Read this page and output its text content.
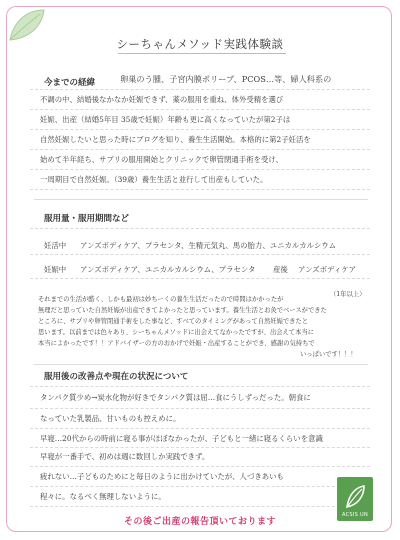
シーちゃんメソッド実践体験談
今までの経緯	卵巣のう腫、子宮内膜ポリープ、PCOS…等、婦人科系の
不調の中、結婚後なかなか妊娠できず、薬の服用を重ね、体外受精を選び
妊娠、出産（結婚5年目 35歳で妊娠）年齢も更に高くなっていたが第2子は
自然妊娠したいと思った時にブログを知り、養生生活開始。本格的に第2子妊活を
始めて半年経ち、サプリの服用開始とクリニックで卵管閉通手術を受け、
一周期目で自然妊娠。（39歳）養生生活と並行して出産もしていた。
服用量・服用期間など
妊活中 アンズボディケア、プラセンタ、生精元気丸、馬の胎力、ユニカルカルシウム
妊娠中 アンズボディケア、ユニカルカルシウム、プラセンタ 産後 アンズボディケア
それまでの生活が酷く、しかも最初は妙ちーくの養生生活だったので時間はかかったが
（1年以上）
無理だと思っていた自然妊娠が出産できてよかったと思っています。養生生活とお灸でベースができた
ところに、サプリや卵管閉通手術をした事など、すべてのタイミングがあって自然妊娠できたと
思います。以前までは色々あり、シーちゃんメソッドに出会えてなかったですが、出会えて本当に
本当によかったです！！アドバイザーの方のおかげで妊娠・出産することができ、感謝の気持ちで
いっぱいです！！！
服用後の改善点や現在の状況について
タンパク質少め→炭水化物が好きでタンパク質は屈…食にうしずっだった。朝食に
なっていた乳製品、甘いものも控えめに。
早寝…20代からの時前に寝る事がほぼなかったが、子どもと一緒に寝るくらいを意識
早寝が一番手で、初めは週に数回しか実践できず。
疲れない…子どものためにと毎日のように出かけていたが、人づきあいも
程々に。なるべく無理しないように。
ACSIS UN
その後ご出産の報告頂いております
